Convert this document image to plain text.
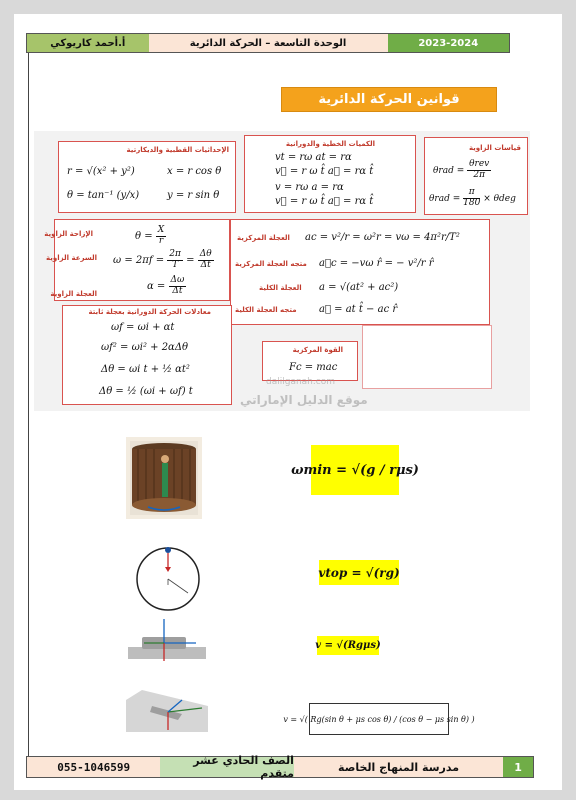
أ.أحمد كاريوكي	الوحدة التاسعة – الحركة الدائرية	2023-2024
قوانين الحركة الدائرية
الإحداثيات القطبية والديكارتية
r = √(x² + y²)	x = r cos θ
θ = tan⁻¹ (y/x)	y = r sin θ
الكميات الخطية والدورانية
vt = rω at = rα
v⃗ = r ω t̂ a⃗ = rα t̂
v = rω a = rα
v⃗ = r ω t̂ a⃗ = rα t̂
قياسات الزاوية
$\theta rad = \frac{\text{θrev}}{2\pi}$
$\theta rad = \frac{\pi}{180} \times \theta deg$
الإزاحة الزاوية
السرعة الزاوية
العجلة الزاوية
$\theta = \frac{X}{r}$
$\omega = 2\pi f = \frac{2\pi}{T} = \frac{\Delta\theta}{\Delta t}$
$\alpha = \frac{\Delta\omega}{\Delta t}$
العجلة المركزية
متجه العجلة المركزية
العجلة الكلية
متجه العجلة الكلية
ac = v²/r = ω²r = vω = 4π²r/T²
a⃗c = −vω r̂ = − v²/r r̂
a = √(at² + ac²)
a⃗ = at t̂ − ac r̂
معادلات الحركة الدورانية بعجلة ثابتة
ωf = ωi + αt
ωf² = ωi² + 2αΔθ
Δθ = ωi t + ½ αt²
Δθ = ½ (ωi + ωf) t
القوة المركزية
Fc = mac
dalilganah.com
موقع الدليل الإماراتي
ωmin = √(g / rμs)
vtop = √(rg)
v = √(Rgμs)
v = √( Rg(sin θ + μs cos θ) / (cos θ − μs sin θ) )
055-1046599	الصف الحادي عشر متقدم	مدرسة المنهاج الخاصة	1
